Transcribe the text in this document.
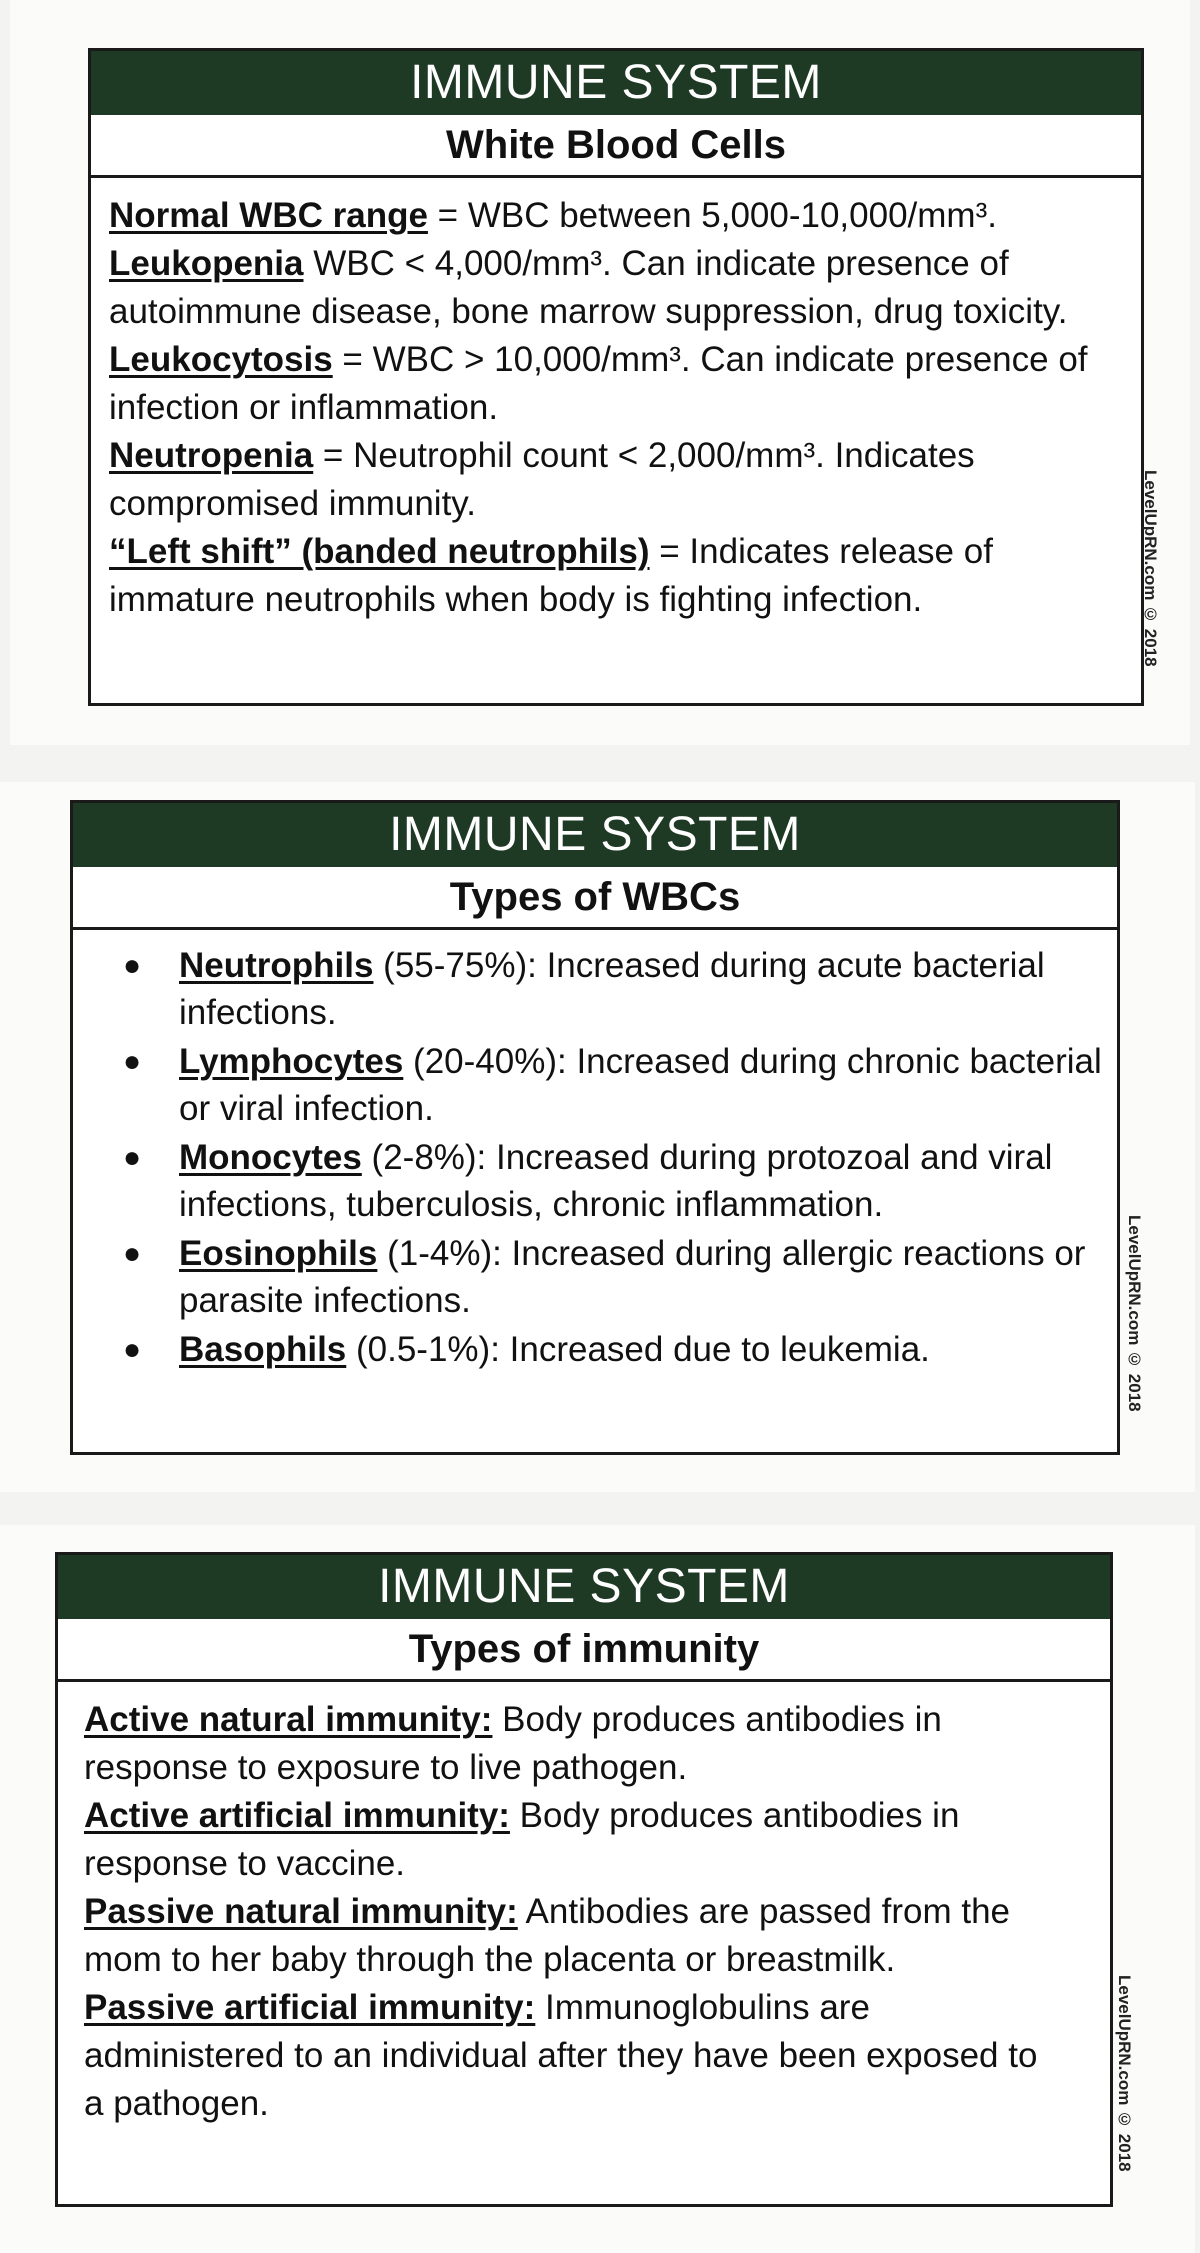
IMMUNE SYSTEM
White Blood Cells

Normal WBC range = WBC between 5,000-10,000/mm³.

Leukopenia WBC < 4,000/mm³. Can indicate presence of autoimmune disease, bone marrow suppression, drug toxicity.

Leukocytosis = WBC > 10,000/mm³. Can indicate presence of infection or inflammation.

Neutropenia = Neutrophil count < 2,000/mm³. Indicates compromised immunity.

“Left shift” (banded neutrophils) = Indicates release of immature neutrophils when body is fighting infection.	LevelUpRN.com © 2018
IMMUNE SYSTEM
Types of WBCs
● Neutrophils (55-75%): Increased during acute bacterial infections.
● Lymphocytes (20-40%): Increased during chronic bacterial or viral infection.
● Monocytes (2-8%): Increased during protozoal and viral infections, tuberculosis, chronic inflammation.
● Eosinophils (1-4%): Increased during allergic reactions or parasite infections.
● Basophils (0.5-1%): Increased due to leukemia.	LevelUpRN.com © 2018
IMMUNE SYSTEM
Types of immunity

Active natural immunity: Body produces antibodies in response to exposure to live pathogen.

Active artificial immunity: Body produces antibodies in response to vaccine.

Passive natural immunity: Antibodies are passed from the mom to her baby through the placenta or breastmilk.

Passive artificial immunity: Immunoglobulins are administered to an individual after they have been exposed to a pathogen.	LevelUpRN.com © 2018
